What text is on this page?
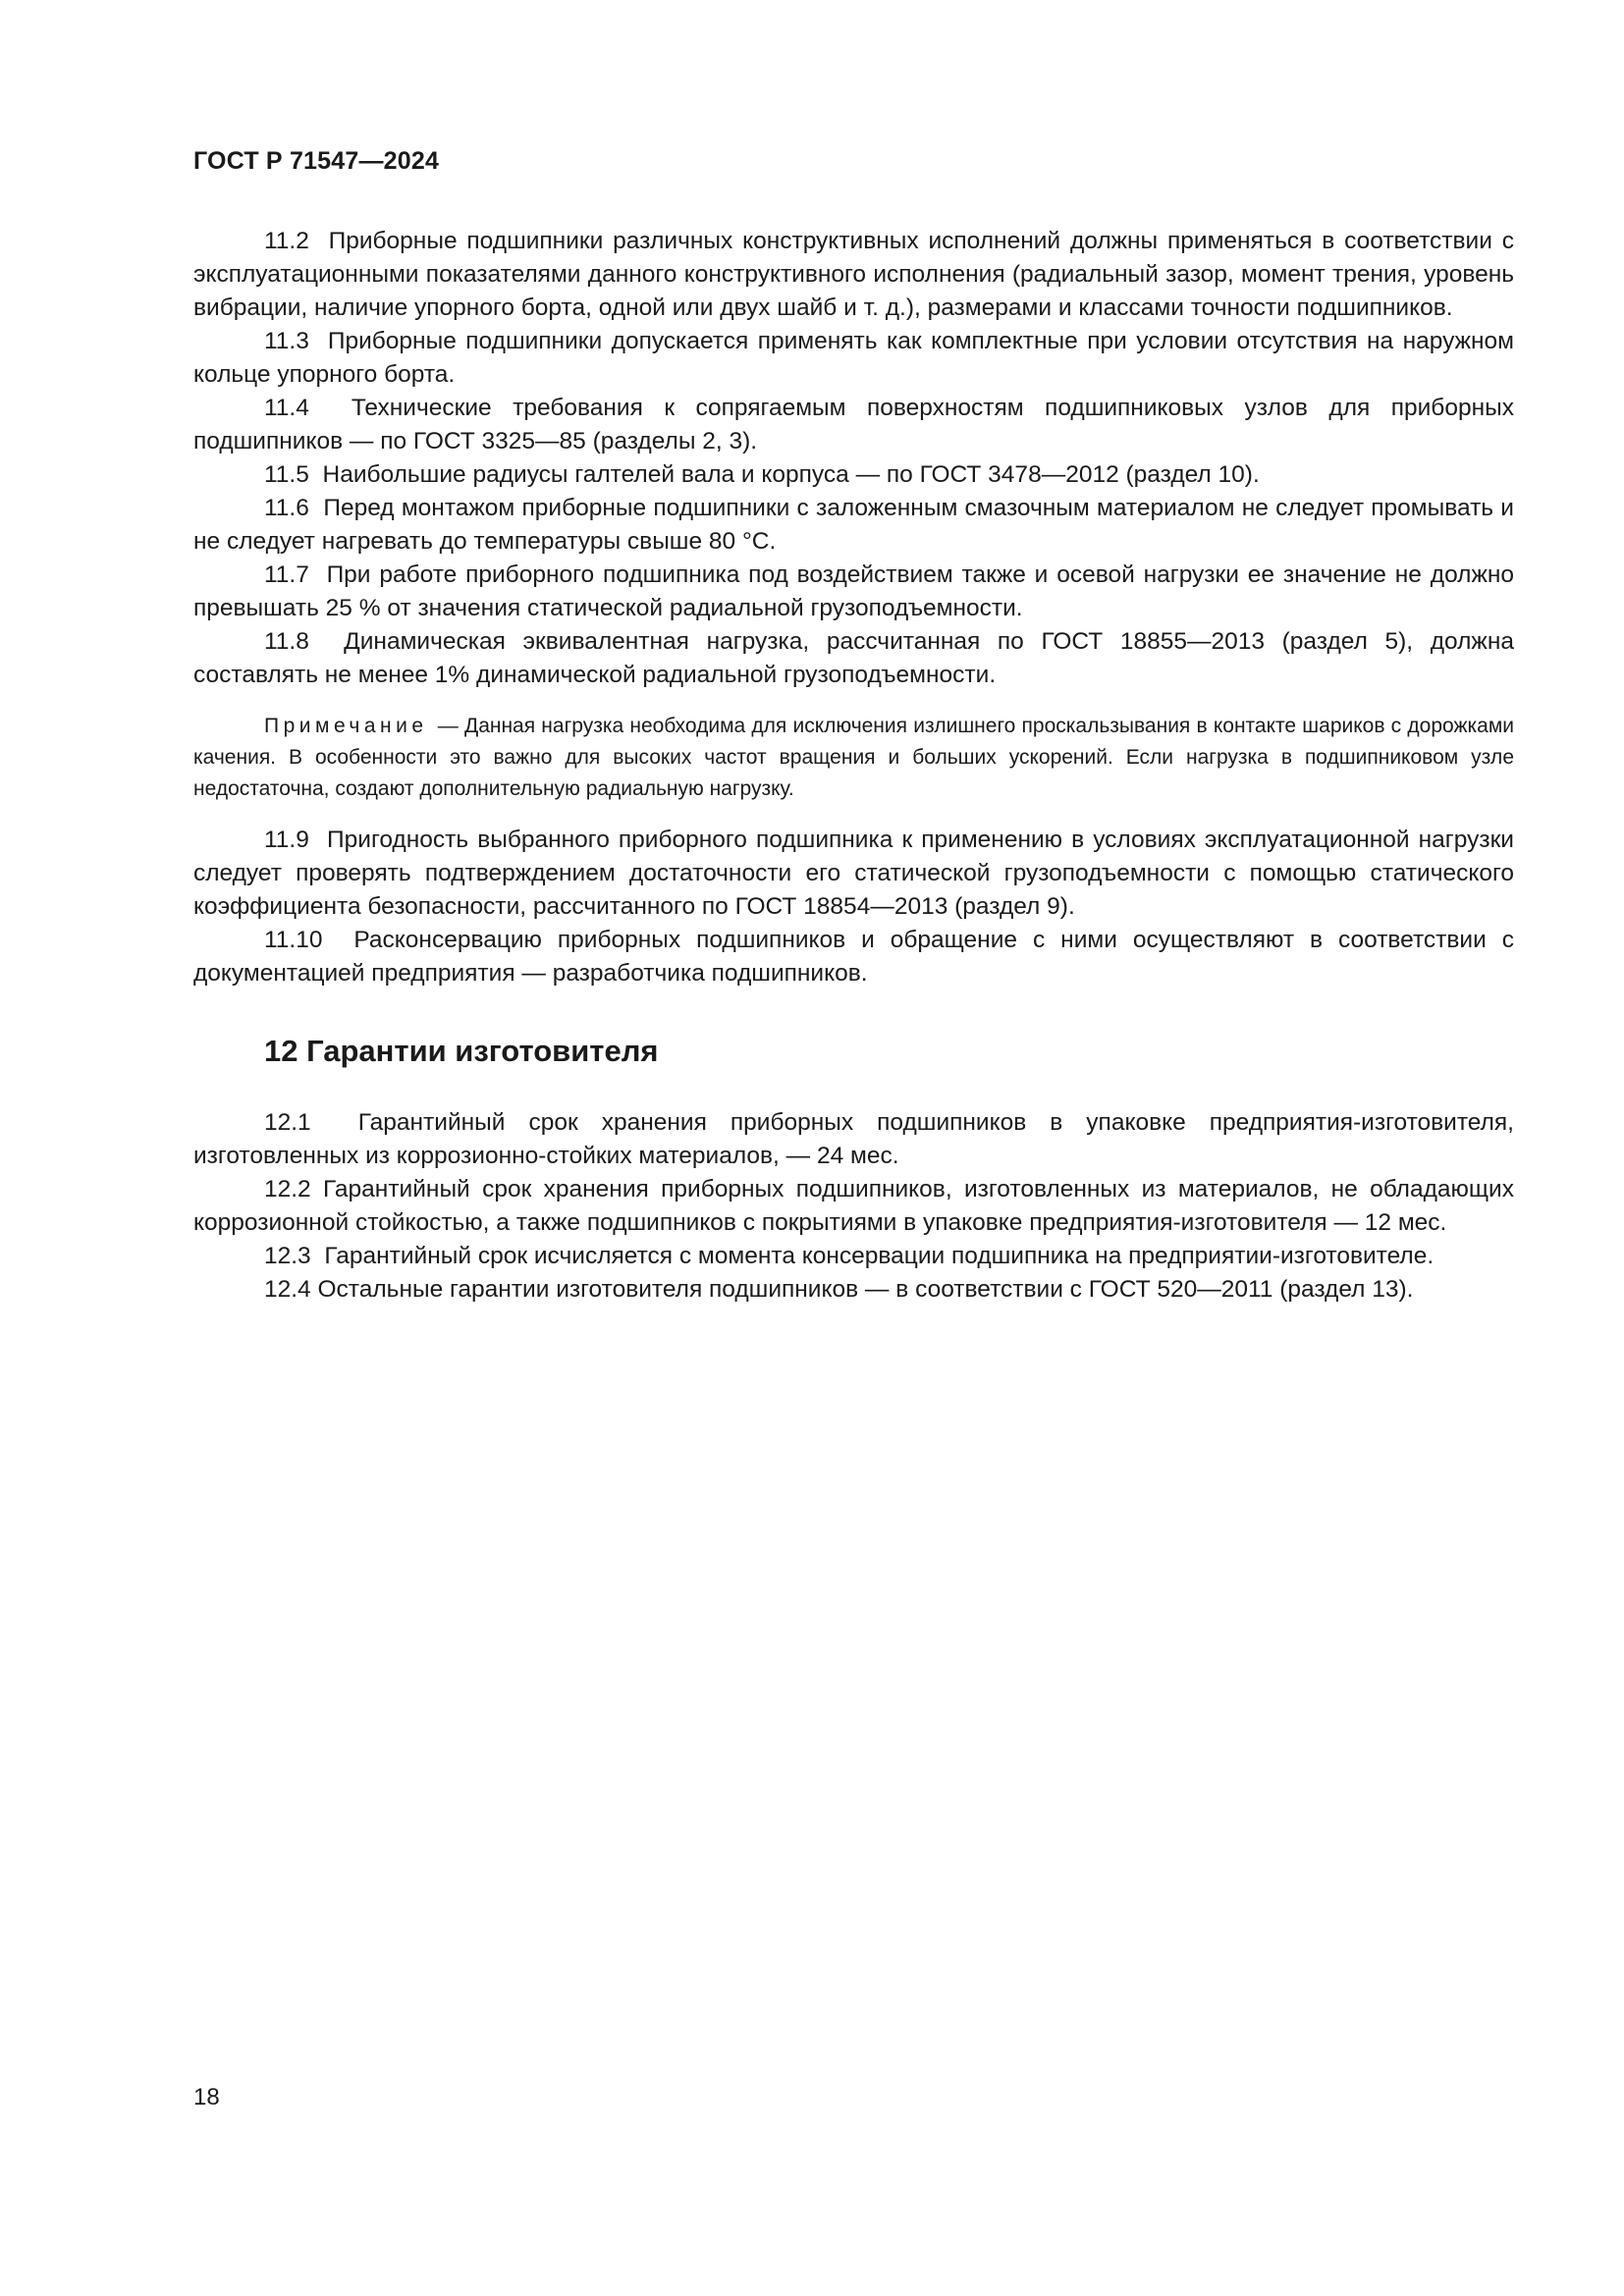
ГОСТ Р 71547—2024

11.2 Приборные подшипники различных конструктивных исполнений должны применяться в соответствии с эксплуатационными показателями данного конструктивного исполнения (радиальный зазор, момент трения, уровень вибрации, наличие упорного борта, одной или двух шайб и т. д.), размерами и классами точности подшипников.

11.3 Приборные подшипники допускается применять как комплектные при условии отсутствия на наружном кольце упорного борта.

11.4 Технические требования к сопрягаемым поверхностям подшипниковых узлов для приборных подшипников — по ГОСТ 3325—85 (разделы 2, 3).

11.5 Наибольшие радиусы галтелей вала и корпуса — по ГОСТ 3478—2012 (раздел 10).

11.6 Перед монтажом приборные подшипники с заложенным смазочным материалом не следует промывать и не следует нагревать до температуры свыше 80 °С.

11.7 При работе приборного подшипника под воздействием также и осевой нагрузки ее значение не должно превышать 25 % от значения статической радиальной грузоподъемности.

11.8 Динамическая эквивалентная нагрузка, рассчитанная по ГОСТ 18855—2013 (раздел 5), должна составлять не менее 1% динамической радиальной грузоподъемности.

Примечание — Данная нагрузка необходима для исключения излишнего проскальзывания в контакте шариков с дорожками качения. В особенности это важно для высоких частот вращения и больших ускорений. Если нагрузка в подшипниковом узле недостаточна, создают дополнительную радиальную нагрузку.

11.9 Пригодность выбранного приборного подшипника к применению в условиях эксплуатационной нагрузки следует проверять подтверждением достаточности его статической грузоподъемности с помощью статического коэффициента безопасности, рассчитанного по ГОСТ 18854—2013 (раздел 9).

11.10 Расконсервацию приборных подшипников и обращение с ними осуществляют в соответствии с документацией предприятия — разработчика подшипников.

12 Гарантии изготовителя

12.1 Гарантийный срок хранения приборных подшипников в упаковке предприятия-изготовителя, изготовленных из коррозионно-стойких материалов, — 24 мес.

12.2 Гарантийный срок хранения приборных подшипников, изготовленных из материалов, не обладающих коррозионной стойкостью, а также подшипников с покрытиями в упаковке предприятия-изготовителя — 12 мес.

12.3 Гарантийный срок исчисляется с момента консервации подшипника на предприятии-изготовителе.

12.4 Остальные гарантии изготовителя подшипников — в соответствии с ГОСТ 520—2011 (раздел 13).

18
